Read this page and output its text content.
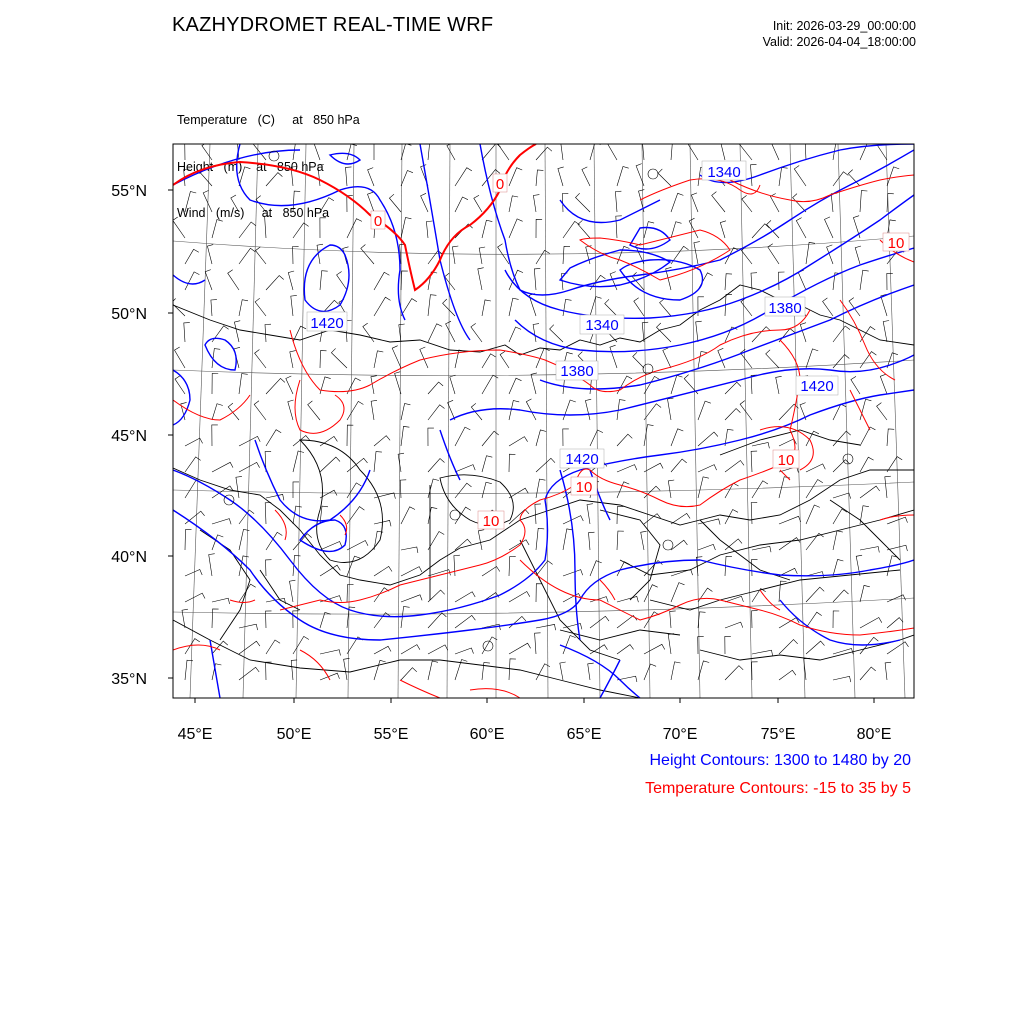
KAZHYDROMET REAL-TIME WRF	Init: 2026-03-29_00:00:00
Valid: 2026-04-04_18:00:00

Temperature   (C)     at   850 hPa

Height   (m)    at   850 hPa

Wind   (m/s)     at   850 hPa

55°N
50°N
45°N
40°N
35°N
45°E	50°E	55°E	60°E	65°E	70°E	75°E	80°E
1340
1380
1420	1340
1380
1420
1420
0
0
10
10
10
10
Height Contours: 1300 to 1480 by 20
Temperature Contours: -15 to 35 by 5
